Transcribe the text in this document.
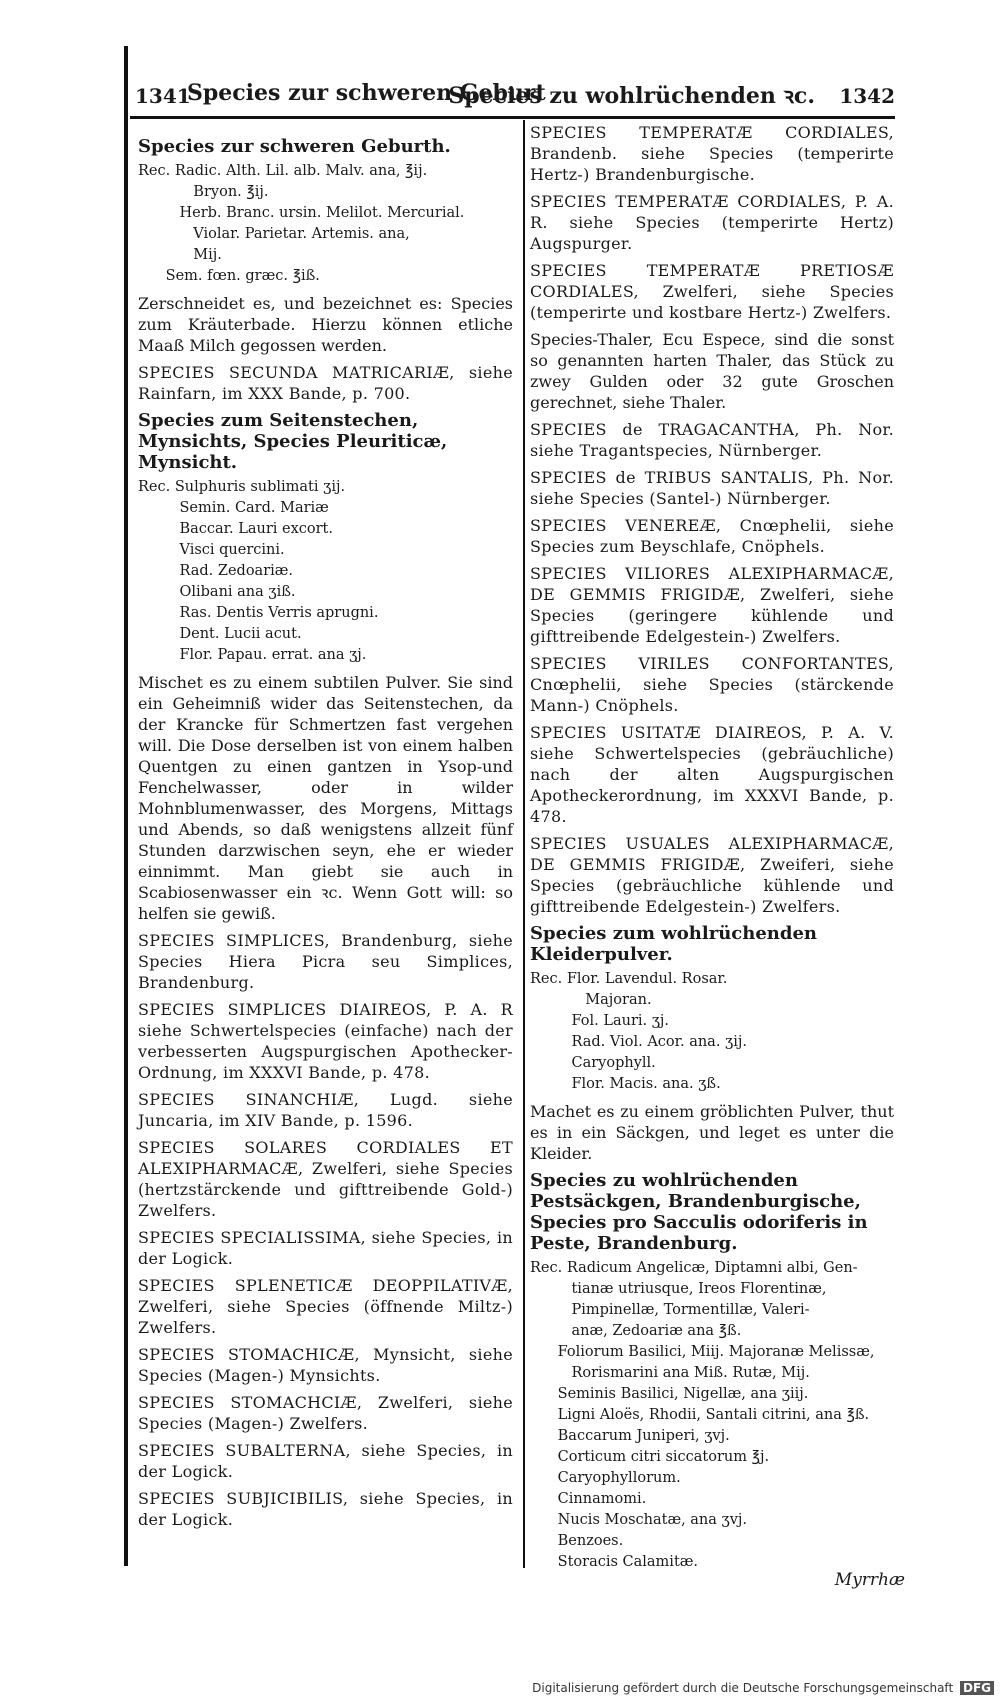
1341
Species zur schweren Geburt
Species zu wohlrüchenden ꝛc. 1342
Species zur schweren Geburth.
Rec. Radic. Alth. Lil. alb. Malv. ana, ℥ij.
Bryon. ℥ij.
Herb. Branc. ursin. Melilot. Mercurial.
Violar. Parietar. Artemis. ana,
Mij.
Sem. fœn. græc. ℥iß.

Zerschneidet es, und bezeichnet es: Species zum Kräuterbade. Hierzu können etliche Maaß Milch gegossen werden.

SPECIES SECUNDA MATRICARIÆ, siehe Rainfarn, im XXX Bande, p. 700.

Species zum Seitenstechen, Mynsichts, Species Pleuriticæ, Mynsicht.
Rec. Sulphuris sublimati ʒij.
Semin. Card. Mariæ
Baccar. Lauri excort.
Visci quercini.
Rad. Zedoariæ.
Olibani ana ʒiß.
Ras. Dentis Verris aprugni.
Dent. Lucii acut.
Flor. Papau. errat. ana ʒj.

Mischet es zu einem subtilen Pulver. Sie sind ein Geheimniß wider das Seitenstechen, da der Krancke für Schmertzen fast vergehen will. Die Dose derselben ist von einem halben Quentgen zu einen gantzen in Ysop-und Fenchelwasser, oder in wilder Mohnblumenwasser, des Morgens, Mittags und Abends, so daß wenigstens allzeit fünf Stunden darzwischen seyn, ehe er wieder einnimmt. Man giebt sie auch in Scabiosenwasser ein ꝛc. Wenn Gott will: so helfen sie gewiß.

SPECIES SIMPLICES, Brandenburg, siehe Species Hiera Picra seu Simplices, Brandenburg.

SPECIES SIMPLICES DIAIREOS, P. A. R siehe Schwertelspecies (einfache) nach der verbesserten Augspurgischen Apothecker-Ordnung, im XXXVI Bande, p. 478.

SPECIES SINANCHIÆ, Lugd. siehe Juncaria, im XIV Bande, p. 1596.

SPECIES SOLARES CORDIALES ET ALEXIPHARMACÆ, Zwelferi, siehe Species (hertzstärckende und gifttreibende Gold-) Zwelfers.

SPECIES SPECIALISSIMA, siehe Species, in der Logick.

SPECIES SPLENETICÆ DEOPPILATIVÆ, Zwelferi, siehe Species (öffnende Miltz-) Zwelfers.

SPECIES STOMACHICÆ, Mynsicht, siehe Species (Magen-) Mynsichts.

SPECIES STOMACHCIÆ, Zwelferi, siehe Species (Magen-) Zwelfers.

SPECIES SUBALTERNA, siehe Species, in der Logick.

SPECIES SUBJICIBILIS, siehe Species, in der Logick.

SPECIES TEMPERATÆ CORDIALES, Brandenb. siehe Species (temperirte Hertz-) Brandenburgische.

SPECIES TEMPERATÆ CORDIALES, P. A. R. siehe Species (temperirte Hertz) Augspurger.

SPECIES TEMPERATÆ PRETIOSÆ CORDIALES, Zwelferi, siehe Species (temperirte und kostbare Hertz-) Zwelfers.

Species-Thaler, Ecu Espece, sind die sonst so genannten harten Thaler, das Stück zu zwey Gulden oder 32 gute Groschen gerechnet, siehe Thaler.

SPECIES de TRAGACANTHA, Ph. Nor. siehe Tragantspecies, Nürnberger.

SPECIES de TRIBUS SANTALIS, Ph. Nor. siehe Species (Santel-) Nürnberger.

SPECIES VENEREÆ, Cnœphelii, siehe Species zum Beyschlafe, Cnöphels.

SPECIES VILIORES ALEXIPHARMACÆ, DE GEMMIS FRIGIDÆ, Zwelferi, siehe Species (geringere kühlende und gifttreibende Edelgestein-) Zwelfers.

SPECIES VIRILES CONFORTANTES, Cnœphelii, siehe Species (stärckende Mann-) Cnöphels.

SPECIES USITATÆ DIAIREOS, P. A. V. siehe Schwertelspecies (gebräuchliche) nach der alten Augspurgischen Apotheckerordnung, im XXXVI Bande, p. 478.

SPECIES USUALES ALEXIPHARMACÆ, DE GEMMIS FRIGIDÆ, Zweiferi, siehe Species (gebräuchliche kühlende und gifttreibende Edelgestein-) Zwelfers.

Species zum wohlrüchenden Kleiderpulver.
Rec. Flor. Lavendul. Rosar.
Majoran.
Fol. Lauri. ʒj.
Rad. Viol. Acor. ana. ʒij.
Caryophyll.
Flor. Macis. ana. ʒß.

Machet es zu einem gröblichten Pulver, thut es in ein Säckgen, und leget es unter die Kleider.

Species zu wohlrüchenden Pestsäckgen, Brandenburgische, Species pro Sacculis odoriferis in Peste, Brandenburg.
Rec. Radicum Angelicæ, Diptamni albi, Gen-
tianæ utriusque, Ireos Florentinæ,
Pimpinellæ, Tormentillæ, Valeri-
anæ, Zedoariæ ana ℥ß.
Foliorum Basilici, Miij. Majoranæ Melissæ,
Rorismarini ana Miß. Rutæ, Mij.
Seminis Basilici, Nigellæ, ana ʒiij.
Ligni Aloës, Rhodii, Santali citrini, ana ℥ß.
Baccarum Juniperi, ʒvj.
Corticum citri siccatorum ℥j.
Caryophyllorum.
Cinnamomi.
Nucis Moschatæ, ana ʒvj.
Benzoes.
Storacis Calamitæ.
Myrrhæ
Digitalisierung gefördert durch die Deutsche Forschungsgemeinschaft DFG
